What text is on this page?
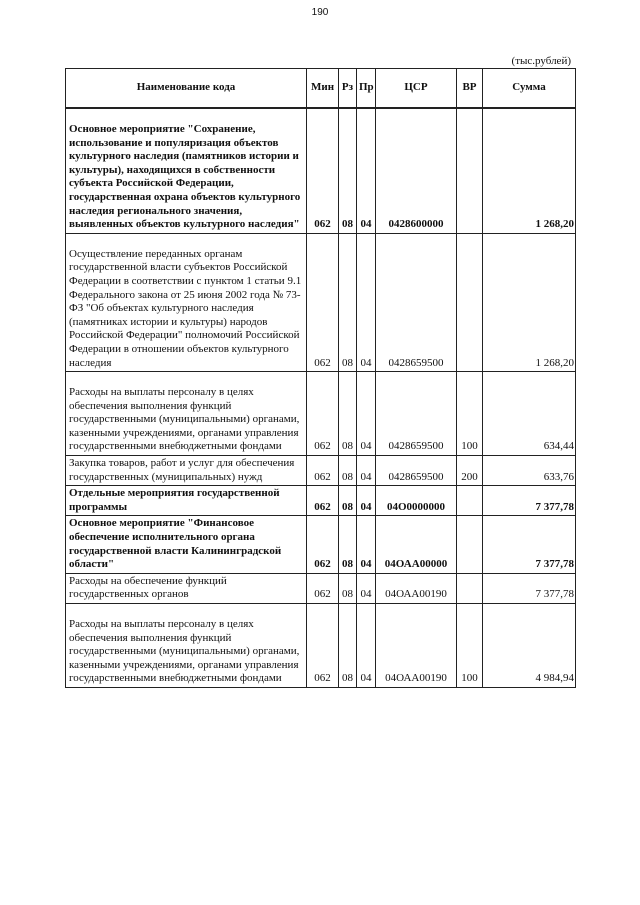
190
(тыс.рублей)
Наименование кода	Мин	Рз	Пр	ЦСР	ВР	Сумма
Основное мероприятие "Сохранение, использование и популяризация объектов культурного наследия (памятников истории и культуры), находящихся в собственности субъекта Российской Федерации, государственная охрана объектов культурного наследия регионального значения, выявленных объектов культурного наследия"	062	08	04	0428600000		1 268,20
Осуществление переданных органам государственной власти субъектов Российской Федерации в соответствии с пунктом 1 статьи 9.1 Федерального закона от 25 июня 2002 года № 73-ФЗ "Об объектах культурного наследия (памятниках истории и культуры) народов Российской Федерации" полномочий Российской Федерации в отношении объектов культурного наследия	062	08	04	0428659500		1 268,20
Расходы на выплаты персоналу в целях обеспечения выполнения функций государственными (муниципальными) органами, казенными учреждениями, органами управления государственными внебюджетными фондами	062	08	04	0428659500	100	634,44
Закупка товаров, работ и услуг для обеспечения государственных (муниципальных) нужд	062	08	04	0428659500	200	633,76
Отдельные мероприятия государственной программы	062	08	04	04О0000000		7 377,78
Основное мероприятие "Финансовое обеспечение исполнительного органа государственной власти Калининградской области"	062	08	04	04ОАА00000		7 377,78
Расходы на обеспечение функций государственных органов	062	08	04	04ОАА00190		7 377,78
Расходы на выплаты персоналу в целях обеспечения выполнения функций государственными (муниципальными) органами, казенными учреждениями, органами управления государственными внебюджетными фондами	062	08	04	04ОАА00190	100	4 984,94
